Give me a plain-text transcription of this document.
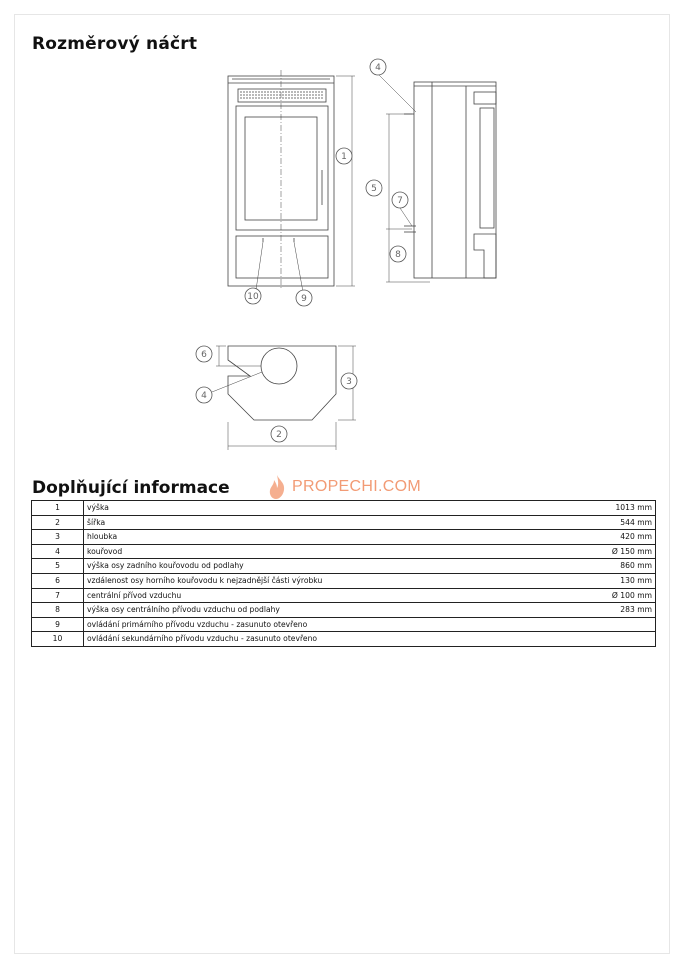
Rozměrový náčrt
1
10	9
4
5
7
8
6
4
3
2
Doplňující informace	PROPECHI.COM
1	výška	1013 mm
2	šířka	544 mm
3	hloubka	420 mm
4	kouřovod	Ø 150 mm
5	výška osy zadního kouřovodu od podlahy	860 mm
6	vzdálenost osy horního kouřovodu k nejzadnější části výrobku	130 mm
7	centrální přívod vzduchu	Ø 100 mm
8	výška osy centrálního přívodu vzduchu od podlahy	283 mm
9	ovládání primárního přívodu vzduchu - zasunuto otevřeno	
10	ovládání sekundárního přívodu vzduchu - zasunuto otevřeno	
